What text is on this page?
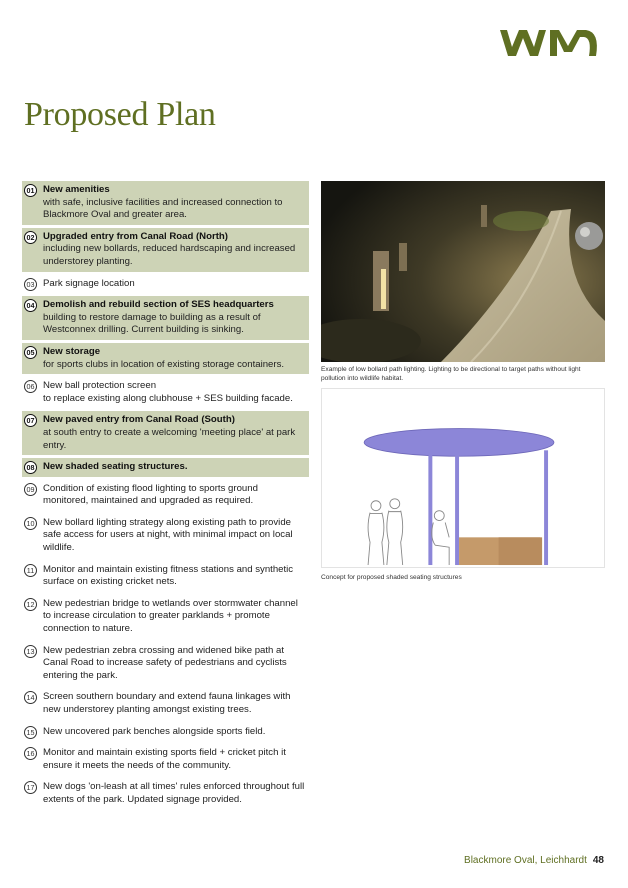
Proposed Plan
01 New amenities
with safe, inclusive facilities and increased connection to Blackmore Oval and greater area.
02 Upgraded entry from Canal Road (North)
including new bollards, reduced hardscaping and increased understorey planting.
03 Park signage location
04 Demolish and rebuild section of SES headquarters
building to restore damage to building as a result of Westconnex drilling. Current building is sinking.
05 New storage
for sports clubs in location of existing storage containers.
06 New ball protection screen
to replace existing along clubhouse + SES building facade.
07 New paved entry from Canal Road (South)
at south entry to create a welcoming 'meeting place' at park entry.
08 New shaded seating structures.
09 Condition of existing flood lighting to sports ground monitored, maintained and upgraded as required.
10 New bollard lighting strategy along existing path to provide safe access for users at night, with minimal impact on local wildlife.
11 Monitor and maintain existing fitness stations and synthetic surface on existing cricket nets.
12 New pedestrian bridge to wetlands over stormwater channel to increase circulation to greater parklands + promote connection to nature.
13 New pedestrian zebra crossing and widened bike path at Canal Road to increase safety of pedestrians and cyclists entering the park.
14 Screen southern boundary and extend fauna linkages with new understorey planting amongst existing trees.
15 New uncovered park benches alongside sports field.
16 Monitor and maintain existing sports field + cricket pitch it ensure it meets the needs of the community.
17 New dogs 'on-leash at all times' rules enforced throughout full extents of the park. Updated signage provided.
Example of low bollard path lighting. Lighting to be directional to target paths without light pollution into wildlife habitat.
Concept for proposed shaded seating structures
Blackmore Oval, Leichhardt 48
